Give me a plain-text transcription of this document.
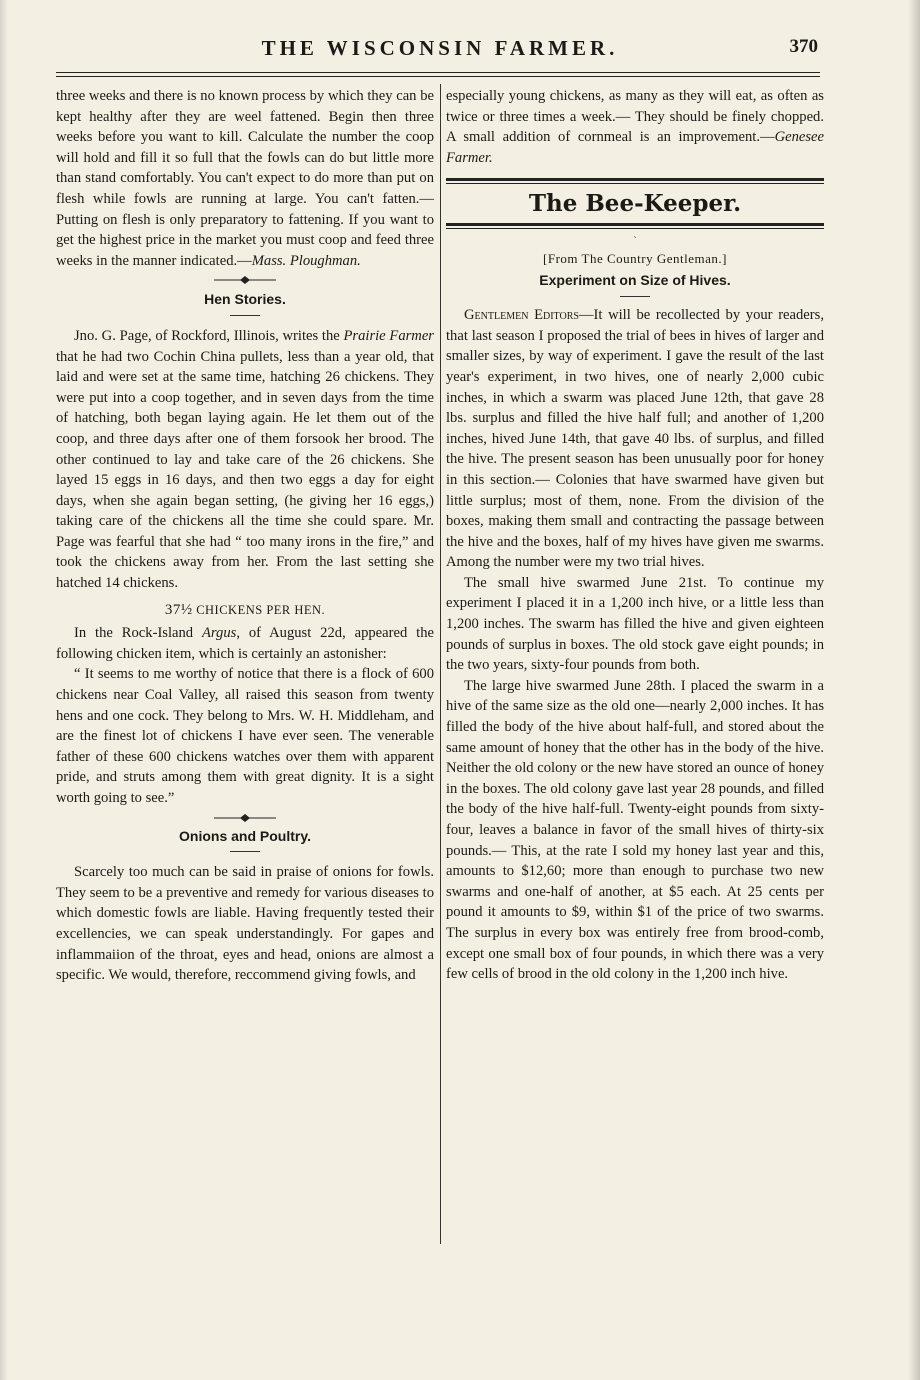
THE WISCONSIN FARMER.	370

three weeks and there is no known process by which they can be kept healthy after they are weel fattened. Begin then three weeks before you want to kill. Calculate the number the coop will hold and fill it so full that the fowls can do but little more than stand comfortably. You can't expect to do more than put on flesh while fowls are running at large. You can't fatten.— Putting on flesh is only preparatory to fattening. If you want to get the highest price in the market you must coop and feed three weeks in the manner indicated.—Mass. Ploughman.

Hen Stories.

Jno. G. Page, of Rockford, Illinois, writes the Prairie Farmer that he had two Cochin China pullets, less than a year old, that laid and were set at the same time, hatching 26 chickens. They were put into a coop together, and in seven days from the time of hatching, both began laying again. He let them out of the coop, and three days after one of them forsook her brood. The other continued to lay and take care of the 26 chickens. She layed 15 eggs in 16 days, and then two eggs a day for eight days, when she again began setting, (he giving her 16 eggs,) taking care of the chickens all the time she could spare. Mr. Page was fearful that she had “ too many irons in the fire,” and took the chickens away from her. From the last setting she hatched 14 chickens.

37½ CHICKENS PER HEN.

In the Rock-Island Argus, of August 22d, appeared the following chicken item, which is certainly an astonisher:

“ It seems to me worthy of notice that there is a flock of 600 chickens near Coal Valley, all raised this season from twenty hens and one cock. They belong to Mrs. W. H. Middleham, and are the finest lot of chickens I have ever seen. The venerable father of these 600 chickens watches over them with apparent pride, and struts among them with great dignity. It is a sight worth going to see.”

Onions and Poultry.

Scarcely too much can be said in praise of onions for fowls. They seem to be a preventive and remedy for various diseases to which domestic fowls are liable. Having frequently tested their excellencies, we can speak understandingly. For gapes and inflammaiion of the throat, eyes and head, onions are almost a specific. We would, therefore, reccommend giving fowls, and

especially young chickens, as many as they will eat, as often as twice or three times a week.— They should be finely chopped. A small addition of cornmeal is an improvement.—Genesee Farmer.

The Bee-Keeper.

ˋ

[From The Country Gentleman.]

Experiment on Size of Hives.

Gentlemen Editors—It will be recollected by your readers, that last season I proposed the trial of bees in hives of larger and smaller sizes, by way of experiment. I gave the result of the last year's experiment, in two hives, one of nearly 2,000 cubic inches, in which a swarm was placed June 12th, that gave 28 lbs. surplus and filled the hive half full; and another of 1,200 inches, hived June 14th, that gave 40 lbs. of surplus, and filled the hive. The present season has been unusually poor for honey in this section.— Colonies that have swarmed have given but little surplus; most of them, none. From the division of the boxes, making them small and contracting the passage between the hive and the boxes, half of my hives have given me swarms. Among the number were my two trial hives.

The small hive swarmed June 21st. To continue my experiment I placed it in a 1,200 inch hive, or a little less than 1,200 inches. The swarm has filled the hive and given eighteen pounds of surplus in boxes. The old stock gave eight pounds; in the two years, sixty-four pounds from both.

The large hive swarmed June 28th. I placed the swarm in a hive of the same size as the old one—nearly 2,000 inches. It has filled the body of the hive about half-full, and stored about the same amount of honey that the other has in the body of the hive. Neither the old colony or the new have stored an ounce of honey in the boxes. The old colony gave last year 28 pounds, and filled the body of the hive half-full. Twenty-eight pounds from sixty-four, leaves a balance in favor of the small hives of thirty-six pounds.— This, at the rate I sold my honey last year and this, amounts to $12,60; more than enough to purchase two new swarms and one-half of another, at $5 each. At 25 cents per pound it amounts to $9, within $1 of the price of two swarms. The surplus in every box was entirely free from brood-comb, except one small box of four pounds, in which there was a very few cells of brood in the old colony in the 1,200 inch hive.
